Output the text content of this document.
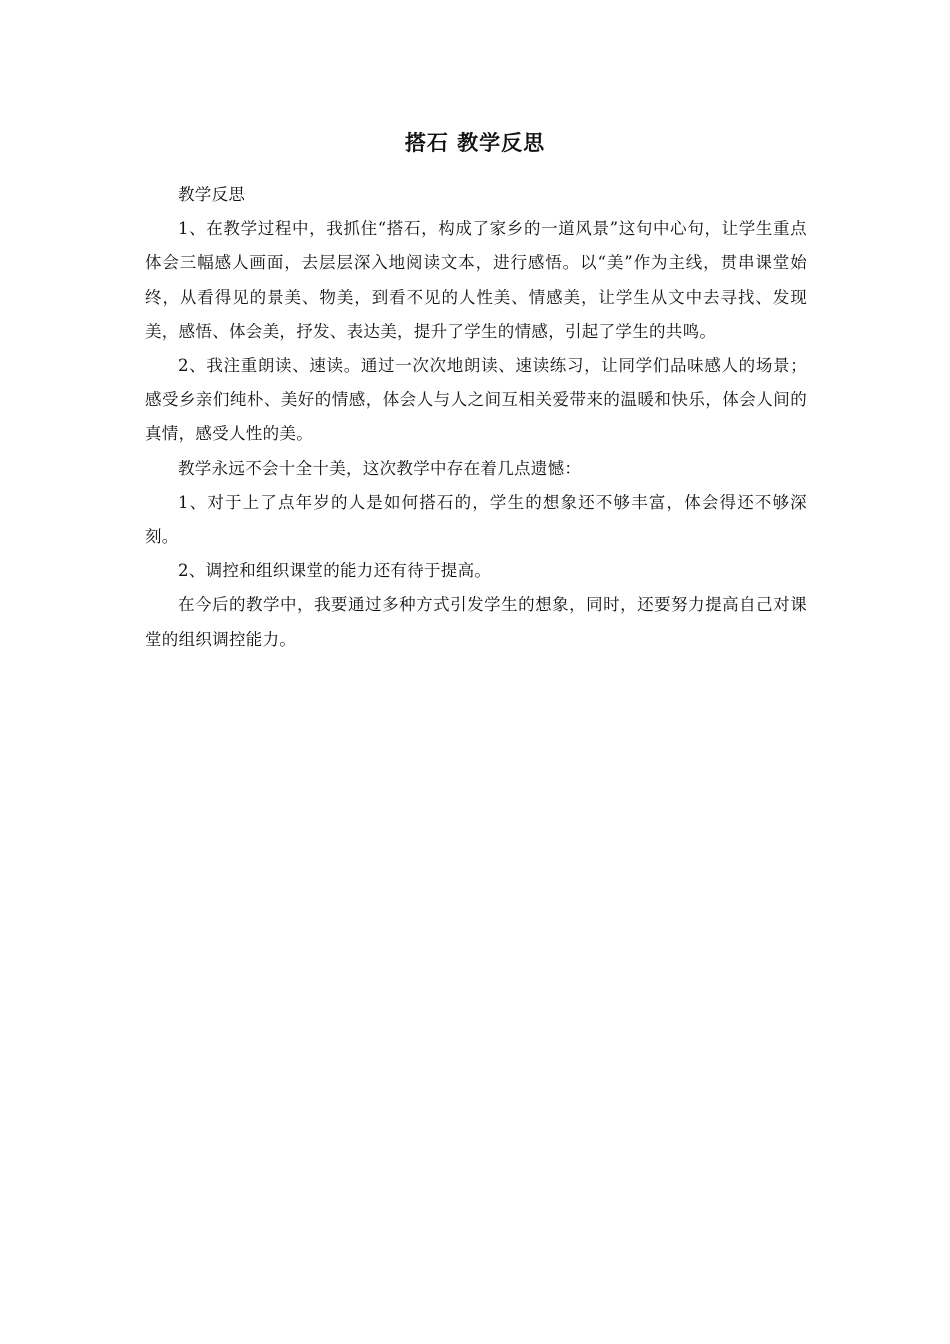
搭石 教学反思

教学反思

1、在教学过程中，我抓住“搭石，构成了家乡的一道风景”这句中心句，让学生重点体会三幅感人画面，去层层深入地阅读文本，进行感悟。以“美”作为主线，贯串课堂始终，从看得见的景美、物美，到看不见的人性美、情感美，让学生从文中去寻找、发现美，感悟、体会美，抒发、表达美，提升了学生的情感，引起了学生的共鸣。

2、我注重朗读、速读。通过一次次地朗读、速读练习，让同学们品味感人的场景；感受乡亲们纯朴、美好的情感，体会人与人之间互相关爱带来的温暖和快乐，体会人间的真情，感受人性的美。

教学永远不会十全十美，这次教学中存在着几点遗憾：

1、对于上了点年岁的人是如何搭石的，学生的想象还不够丰富，体会得还不够深刻。

2、调控和组织课堂的能力还有待于提高。

在今后的教学中，我要通过多种方式引发学生的想象，同时，还要努力提高自己对课堂的组织调控能力。
